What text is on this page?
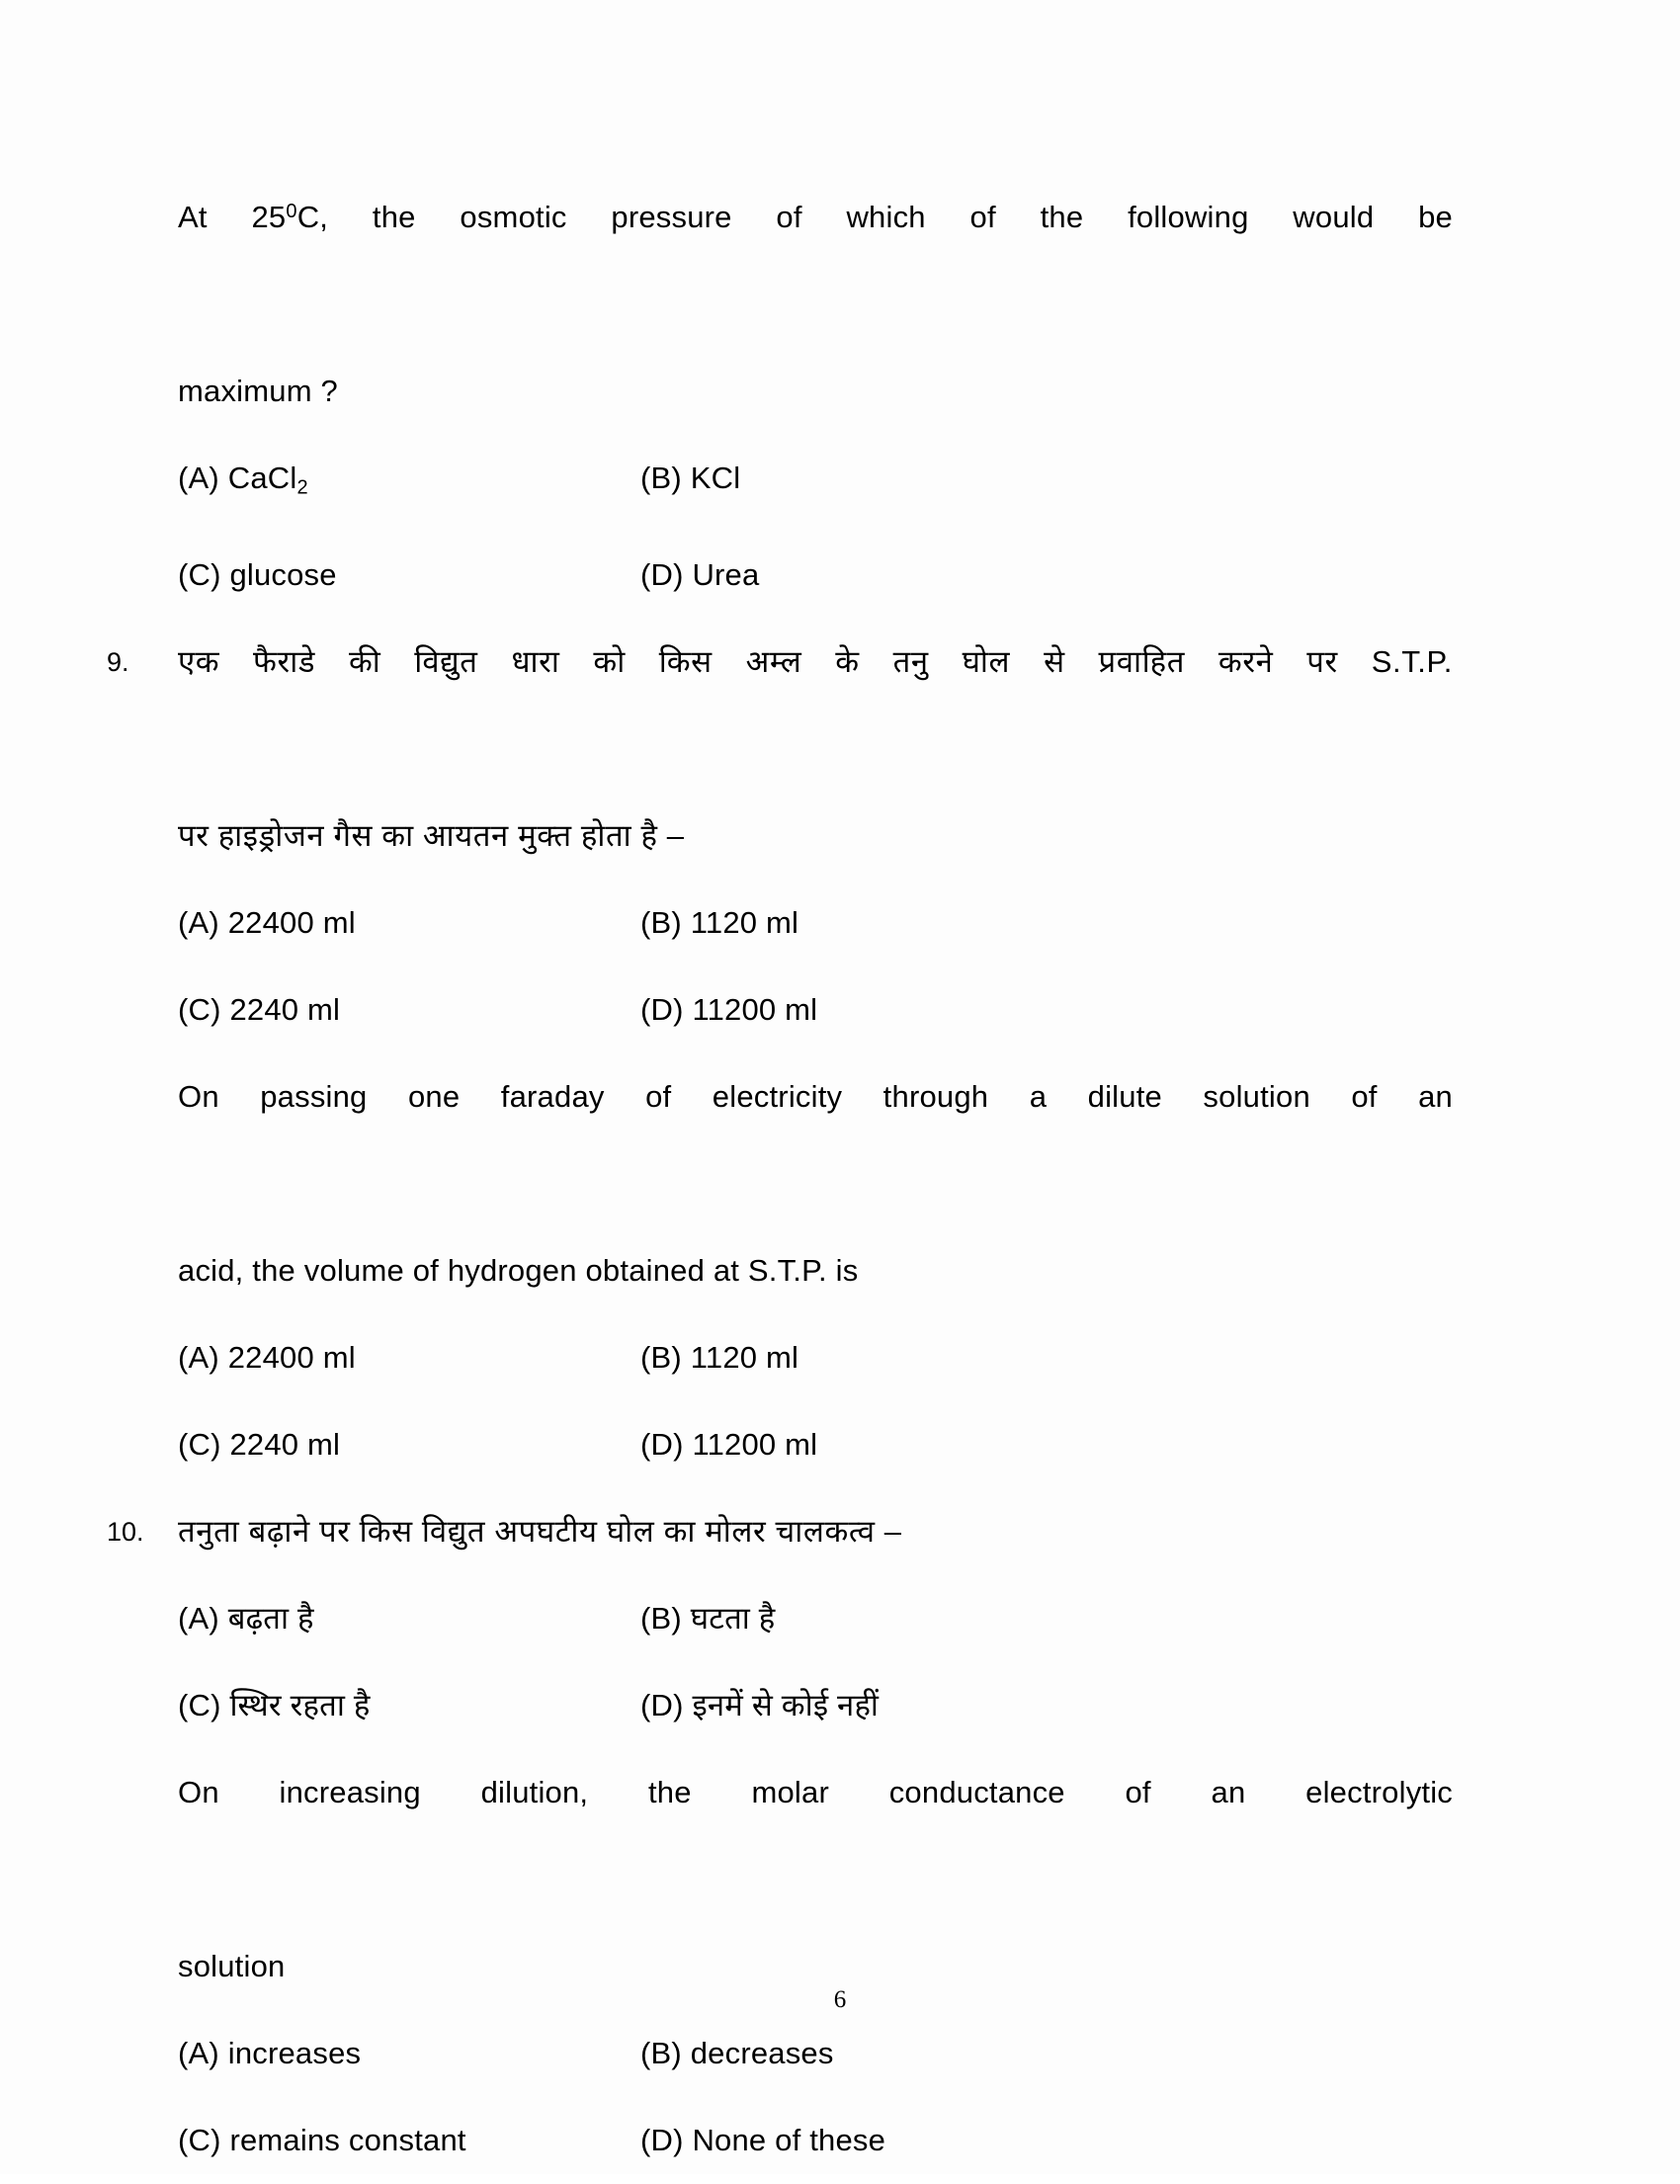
At $25^0C$, the osmotic pressure of which of the following would be

maximum ?

(A) CaCl$_2$	(B) KCl
(C) glucose	(D) Urea
9.	एक फैराडे की विद्युत धारा को किस अम्ल के तनु घोल से प्रवाहित करने पर S.T.P.

पर हाइड्रोजन गैस का आयतन मुक्त होता है –

(A) 22400 ml	(B) 1120 ml
(C) 2240 ml	(D) 11200 ml

On passing one faraday of electricity through a dilute solution of an

acid, the volume of hydrogen obtained at S.T.P. is

(A) 22400 ml	(B) 1120 ml
(C) 2240 ml	(D) 11200 ml
10.	तनुता बढ़ाने पर किस विद्युत अपघटीय घोल का मोलर चालकत्व –

(A) बढ़ता है	(B) घटता है
(C) स्थिर रहता है	(D) इनमें से कोई नहीं

On increasing dilution, the molar conductance of an electrolytic

solution

(A) increases	(B) decreases
(C) remains constant	(D) None of these
6
